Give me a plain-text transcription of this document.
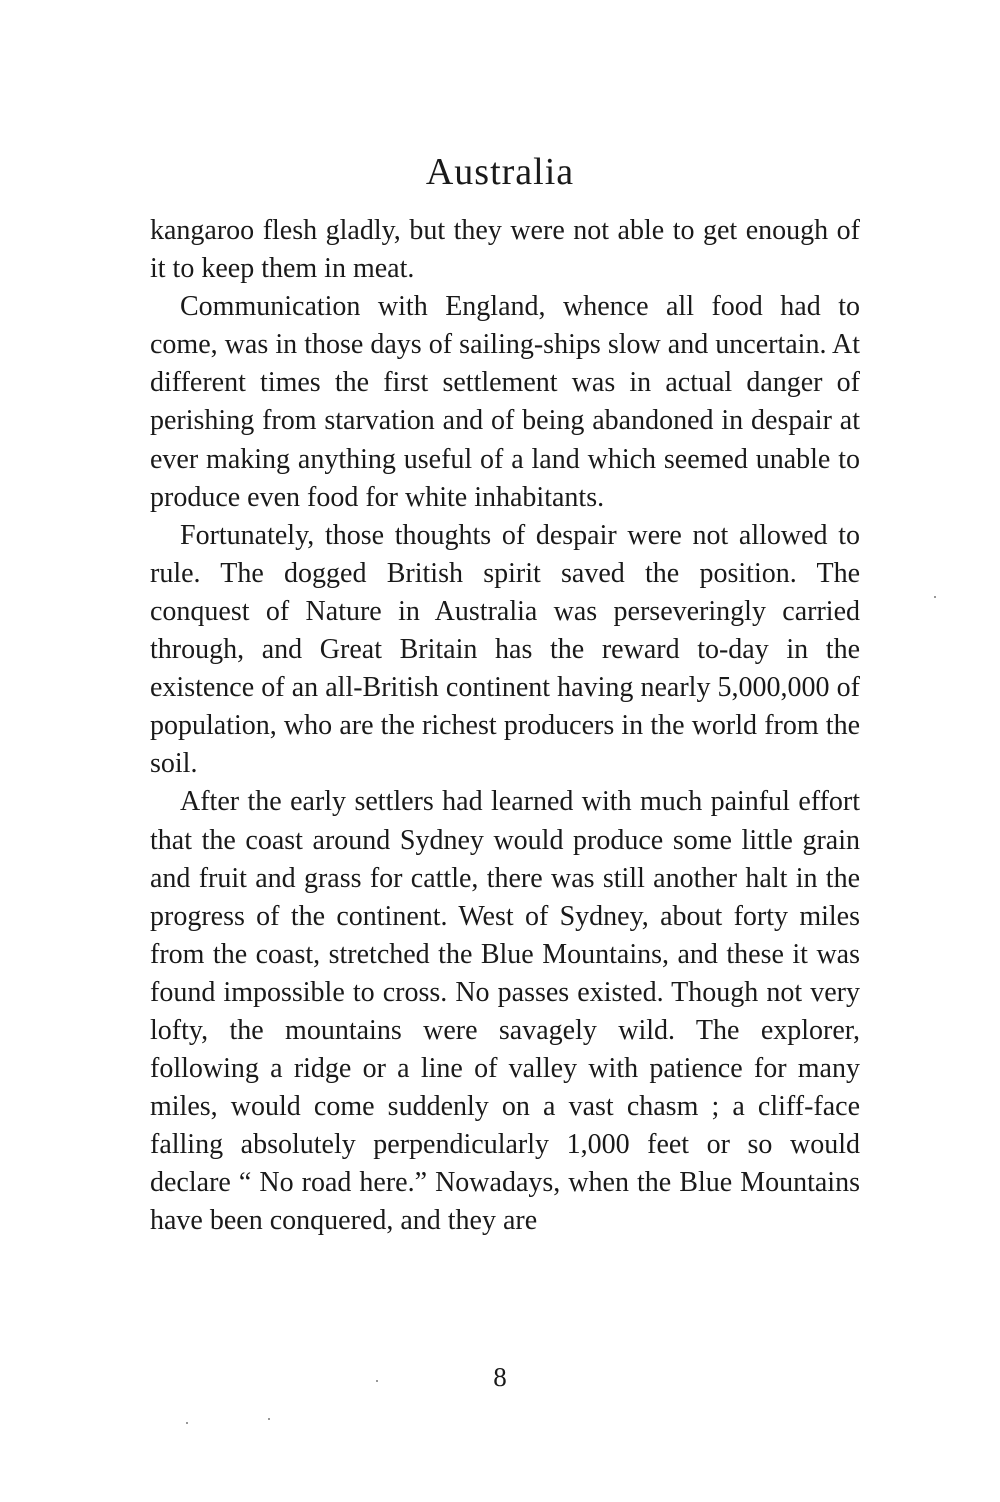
Australia

kangaroo flesh gladly, but they were not able to get enough of it to keep them in meat.

Communication with England, whence all food had to come, was in those days of sailing-ships slow and uncertain. At different times the first settlement was in actual danger of perishing from starvation and of being abandoned in despair at ever making anything useful of a land which seemed unable to produce even food for white inhabitants.

Fortunately, those thoughts of despair were not allowed to rule. The dogged British spirit saved the position. The conquest of Nature in Australia was perseveringly carried through, and Great Britain has the reward to-day in the existence of an all-British continent having nearly 5,000,000 of population, who are the richest producers in the world from the soil.

After the early settlers had learned with much painful effort that the coast around Sydney would produce some little grain and fruit and grass for cattle, there was still another halt in the progress of the continent. West of Sydney, about forty miles from the coast, stretched the Blue Mountains, and these it was found impossible to cross. No passes existed. Though not very lofty, the mountains were savagely wild. The explorer, following a ridge or a line of valley with patience for many miles, would come suddenly on a vast chasm ; a cliff-face falling absolutely perpendicularly 1,000 feet or so would declare “ No road here.” Nowadays, when the Blue Mountains have been conquered, and they are

8
